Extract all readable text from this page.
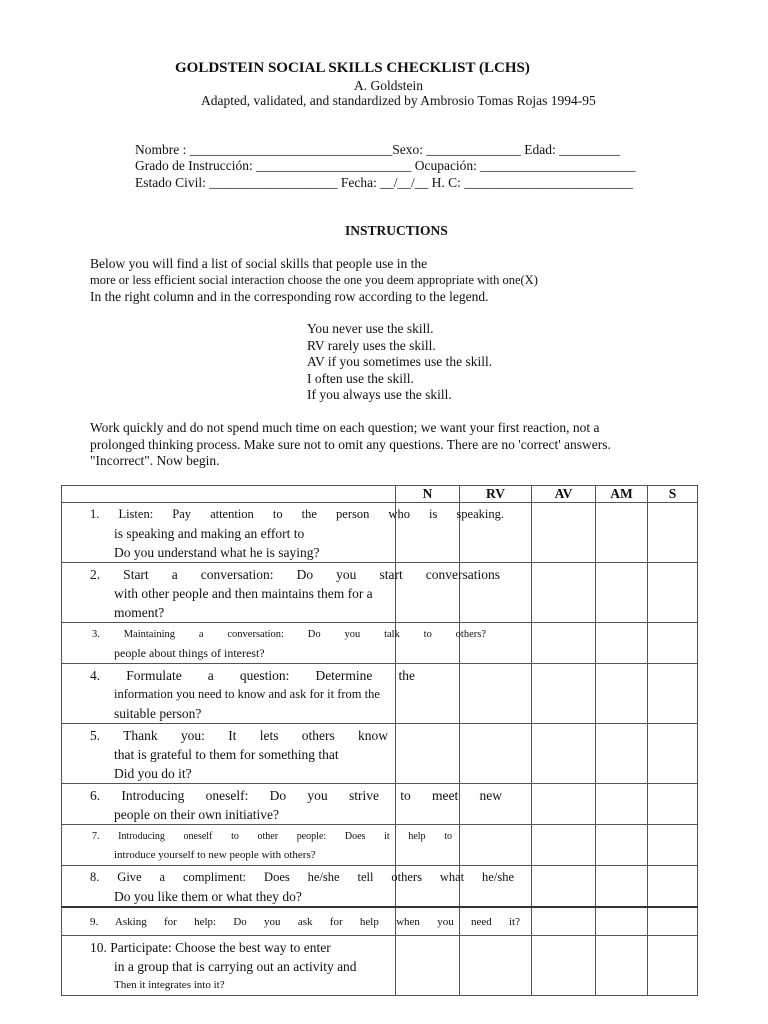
GOLDSTEIN SOCIAL SKILLS CHECKLIST (LCHS)
A. Goldstein
Adapted, validated, and standardized by Ambrosio Tomas Rojas 1994-95
Nombre : ______________________________Sexo: ______________ Edad: _________
Grado de Instrucción: _______________________ Ocupación: _______________________
Estado Civil: ___________________ Fecha: __/__/__ H. C: _________________________
INSTRUCTIONS
Below you will find a list of social skills that people use in the
more or less efficient social interaction choose the one you deem appropriate with one(X)
In the right column and in the corresponding row according to the legend.
You never use the skill.
RV rarely uses the skill.
AV if you sometimes use the skill.
I often use the skill.
If you always use the skill.
Work quickly and do not spend much time on each question; we want your first reaction, not a
prolonged thinking process. Make sure not to omit any questions. There are no 'correct' answers.
"Incorrect". Now begin.
	N	RV	AV	AM	S

1. Listen: Pay attention to the person who is speaking.
is speaking and making an effort to
Do you understand what he is saying?					

2. Start a conversation: Do you start conversations
with other people and then maintains them for a
moment?					

3. Maintaining a conversation: Do you talk to others?
people about things of interest?					

4. Formulate a question: Determine the
information you need to know and ask for it from the
suitable person?					

5. Thank you: It lets others know
that is grateful to them for something that
Did you do it?					

6. Introducing oneself: Do you strive to meet new
people on their own initiative?					

7. Introducing oneself to other people: Does it help to
introduce yourself to new people with others?					

8. Give a compliment: Does he/she tell others what he/she
Do you like them or what they do?					

9. Asking for help: Do you ask for help when you need it?					

10. Participate: Choose the best way to enter
in a group that is carrying out an activity and
Then it integrates into it?					
